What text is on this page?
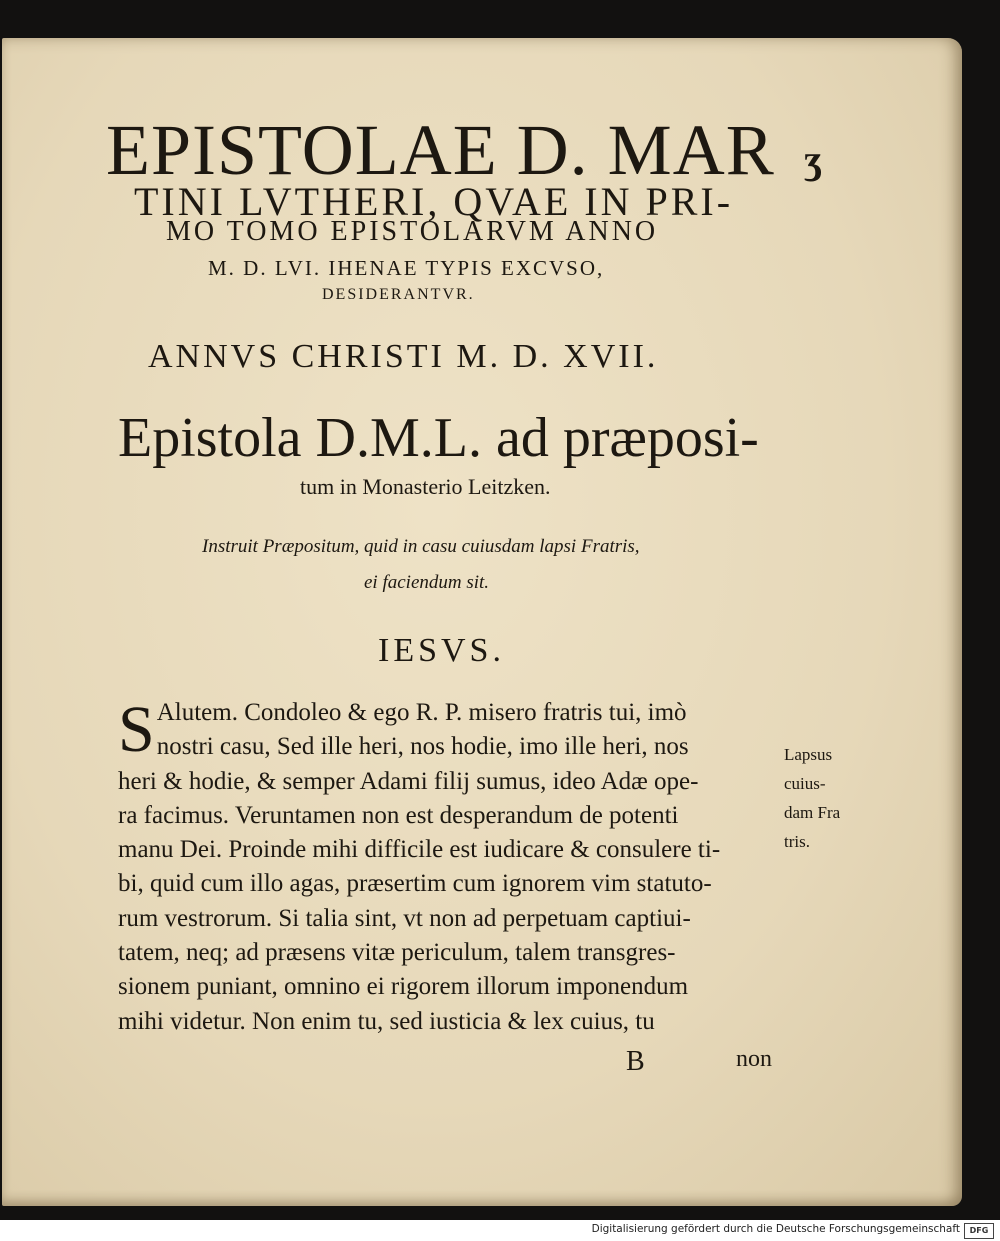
EPISTOLAE D. MAR ʒ
TINI LVTHERI, QVAE IN PRI-
MO TOMO EPISTOLARVM ANNO
M. D. LVI. IHENAE TYPIS EXCVSO,
DESIDERANTVR.
ANNVS CHRISTI M. D. XVII.
Epistola D.M.L. ad præposi-
tum in Monasterio Leitzken.
Instruit Præpositum, quid in casu cuiusdam lapsi Fratris,
ei faciendum sit.
IESVS.
S Alutem. Condoleo & ego R. P. misero fratris tui, imò
nostri casu, Sed ille heri, nos hodie, imo ille heri, nos
heri & hodie, & semper Adami filij sumus, ideo Adæ ope-
ra facimus. Veruntamen non est desperandum de potenti
manu Dei. Proinde mihi difficile est iudicare & consulere ti-
bi, quid cum illo agas, præsertim cum ignorem vim statuto-
rum vestrorum. Si talia sint, vt non ad perpetuam captiui-
tatem, neq; ad præsens vitæ periculum, talem transgres-
sionem puniant, omnino ei rigorem illorum imponendum
mihi videtur. Non enim tu, sed iusticia & lex cuius, tu
Lapsus
cuius-
dam Fra
tris.
B	non
Digitalisierung gefördert durch die Deutsche Forschungsgemeinschaft	DFG
